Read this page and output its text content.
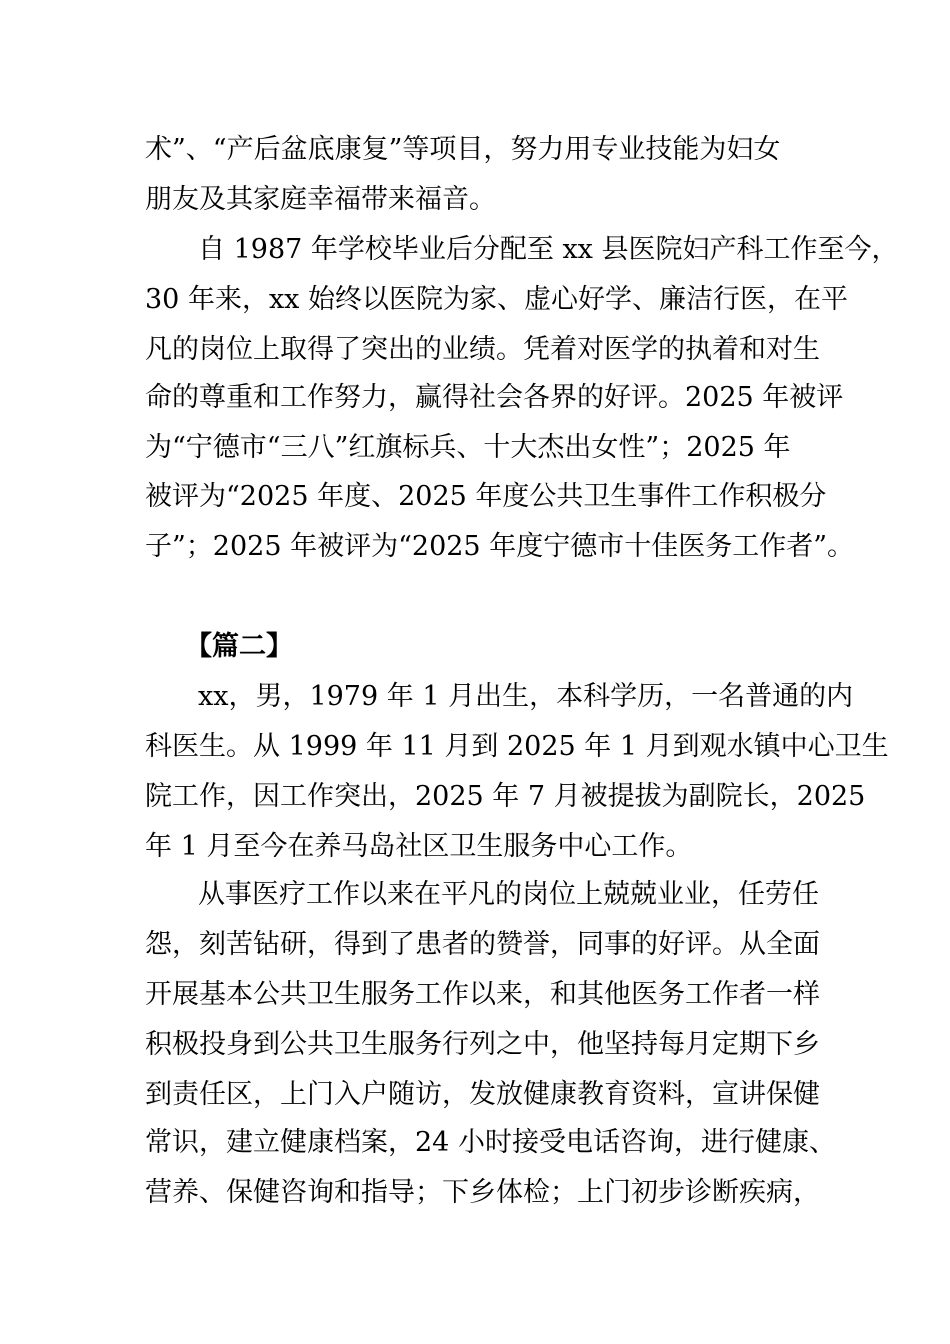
术”、“产后盆底康复”等项目，努力用专业技能为妇女
朋友及其家庭幸福带来福音。
自 1987 年学校毕业后分配至 xx 县医院妇产科工作至今，
30 年来，xx 始终以医院为家、虚心好学、廉洁行医，在平
凡的岗位上取得了突出的业绩。凭着对医学的执着和对生
命的尊重和工作努力，赢得社会各界的好评。2025 年被评
为“宁德市“三八”红旗标兵、十大杰出女性”；2025 年
被评为“2025 年度、2025 年度公共卫生事件工作积极分
子”；2025 年被评为“2025 年度宁德市十佳医务工作者”。
【篇二】
xx，男，1979 年 1 月出生，本科学历，一名普通的内
科医生。从 1999 年 11 月到 2025 年 1 月到观水镇中心卫生
院工作，因工作突出，2025 年 7 月被提拔为副院长，2025
年 1 月至今在养马岛社区卫生服务中心工作。
从事医疗工作以来在平凡的岗位上兢兢业业，任劳任
怨，刻苦钻研，得到了患者的赞誉，同事的好评。从全面
开展基本公共卫生服务工作以来，和其他医务工作者一样
积极投身到公共卫生服务行列之中，他坚持每月定期下乡
到责任区，上门入户随访，发放健康教育资料，宣讲保健
常识，建立健康档案，24 小时接受电话咨询，进行健康、
营养、保健咨询和指导；下乡体检；上门初步诊断疾病，
